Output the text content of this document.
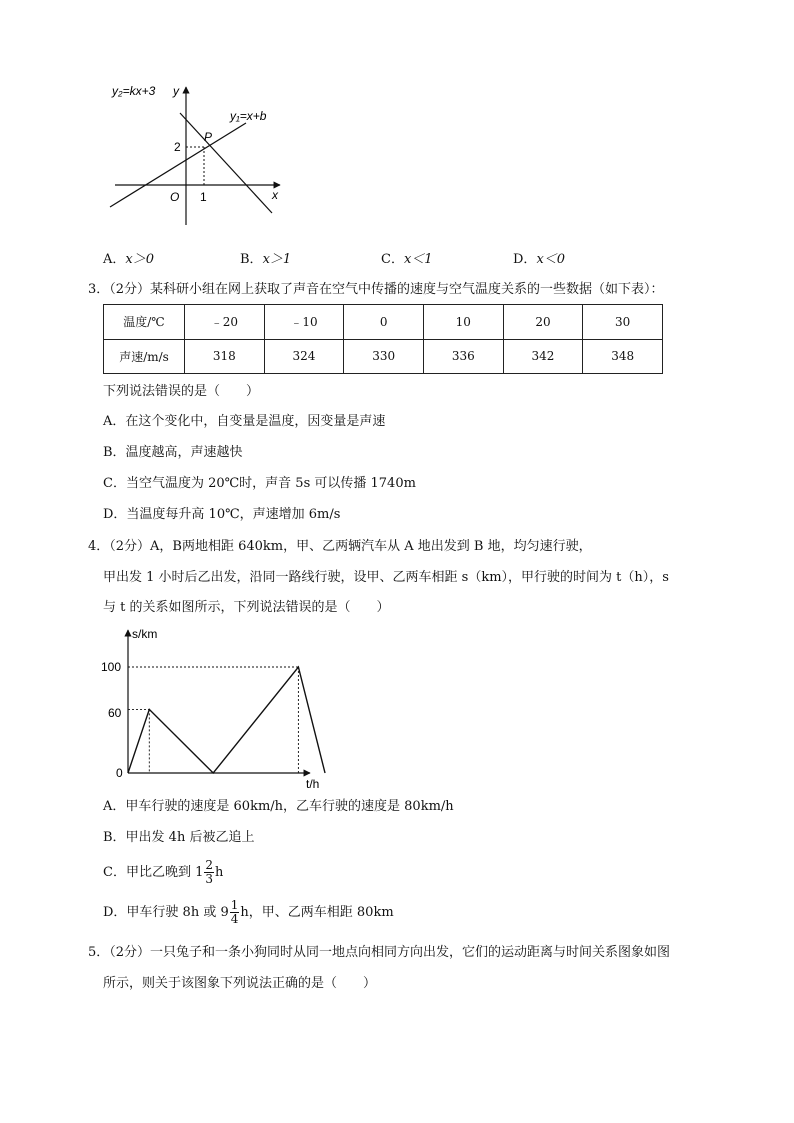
y₂=kx+3
y₁=x+b
y
x
O
P
2
1
A．x＞0	B．x＞1	C．x＜1	D．x＜0
3．（2分）某科研小组在网上获取了声音在空气中传播的速度与空气温度关系的一些数据（如下表）：
温度/℃	﹣20	﹣10	0	10	20	30
声速/m/s	318	324	330	336	342	348
下列说法错误的是（　　）
A．在这个变化中，自变量是温度，因变量是声速
B．温度越高，声速越快
C．当空气温度为 20℃时，声音 5s 可以传播 1740m
D．当温度每升高 10℃，声速增加 6m/s
4．（2分）A，B两地相距 640km，甲、乙两辆汽车从 A 地出发到 B 地，均匀速行驶，
甲出发 1 小时后乙出发，沿同一路线行驶，设甲、乙两车相距 s（km），甲行驶的时间为 t（h），s
与 t 的关系如图所示，下列说法错误的是（　　）
s/km
t/h
0
60
100
A．甲车行驶的速度是 60km/h，乙车行驶的速度是 80km/h
B．甲出发 4h 后被乙追上
C．甲比乙晚到 $1 \frac{2}{3}$ h
D．甲车行驶 8h 或 $9 \frac{1}{4}$ h，甲、乙两车相距 80km
5．（2分）一只兔子和一条小狗同时从同一地点向相同方向出发，它们的运动距离与时间关系图象如图
所示，则关于该图象下列说法正确的是（　　）
